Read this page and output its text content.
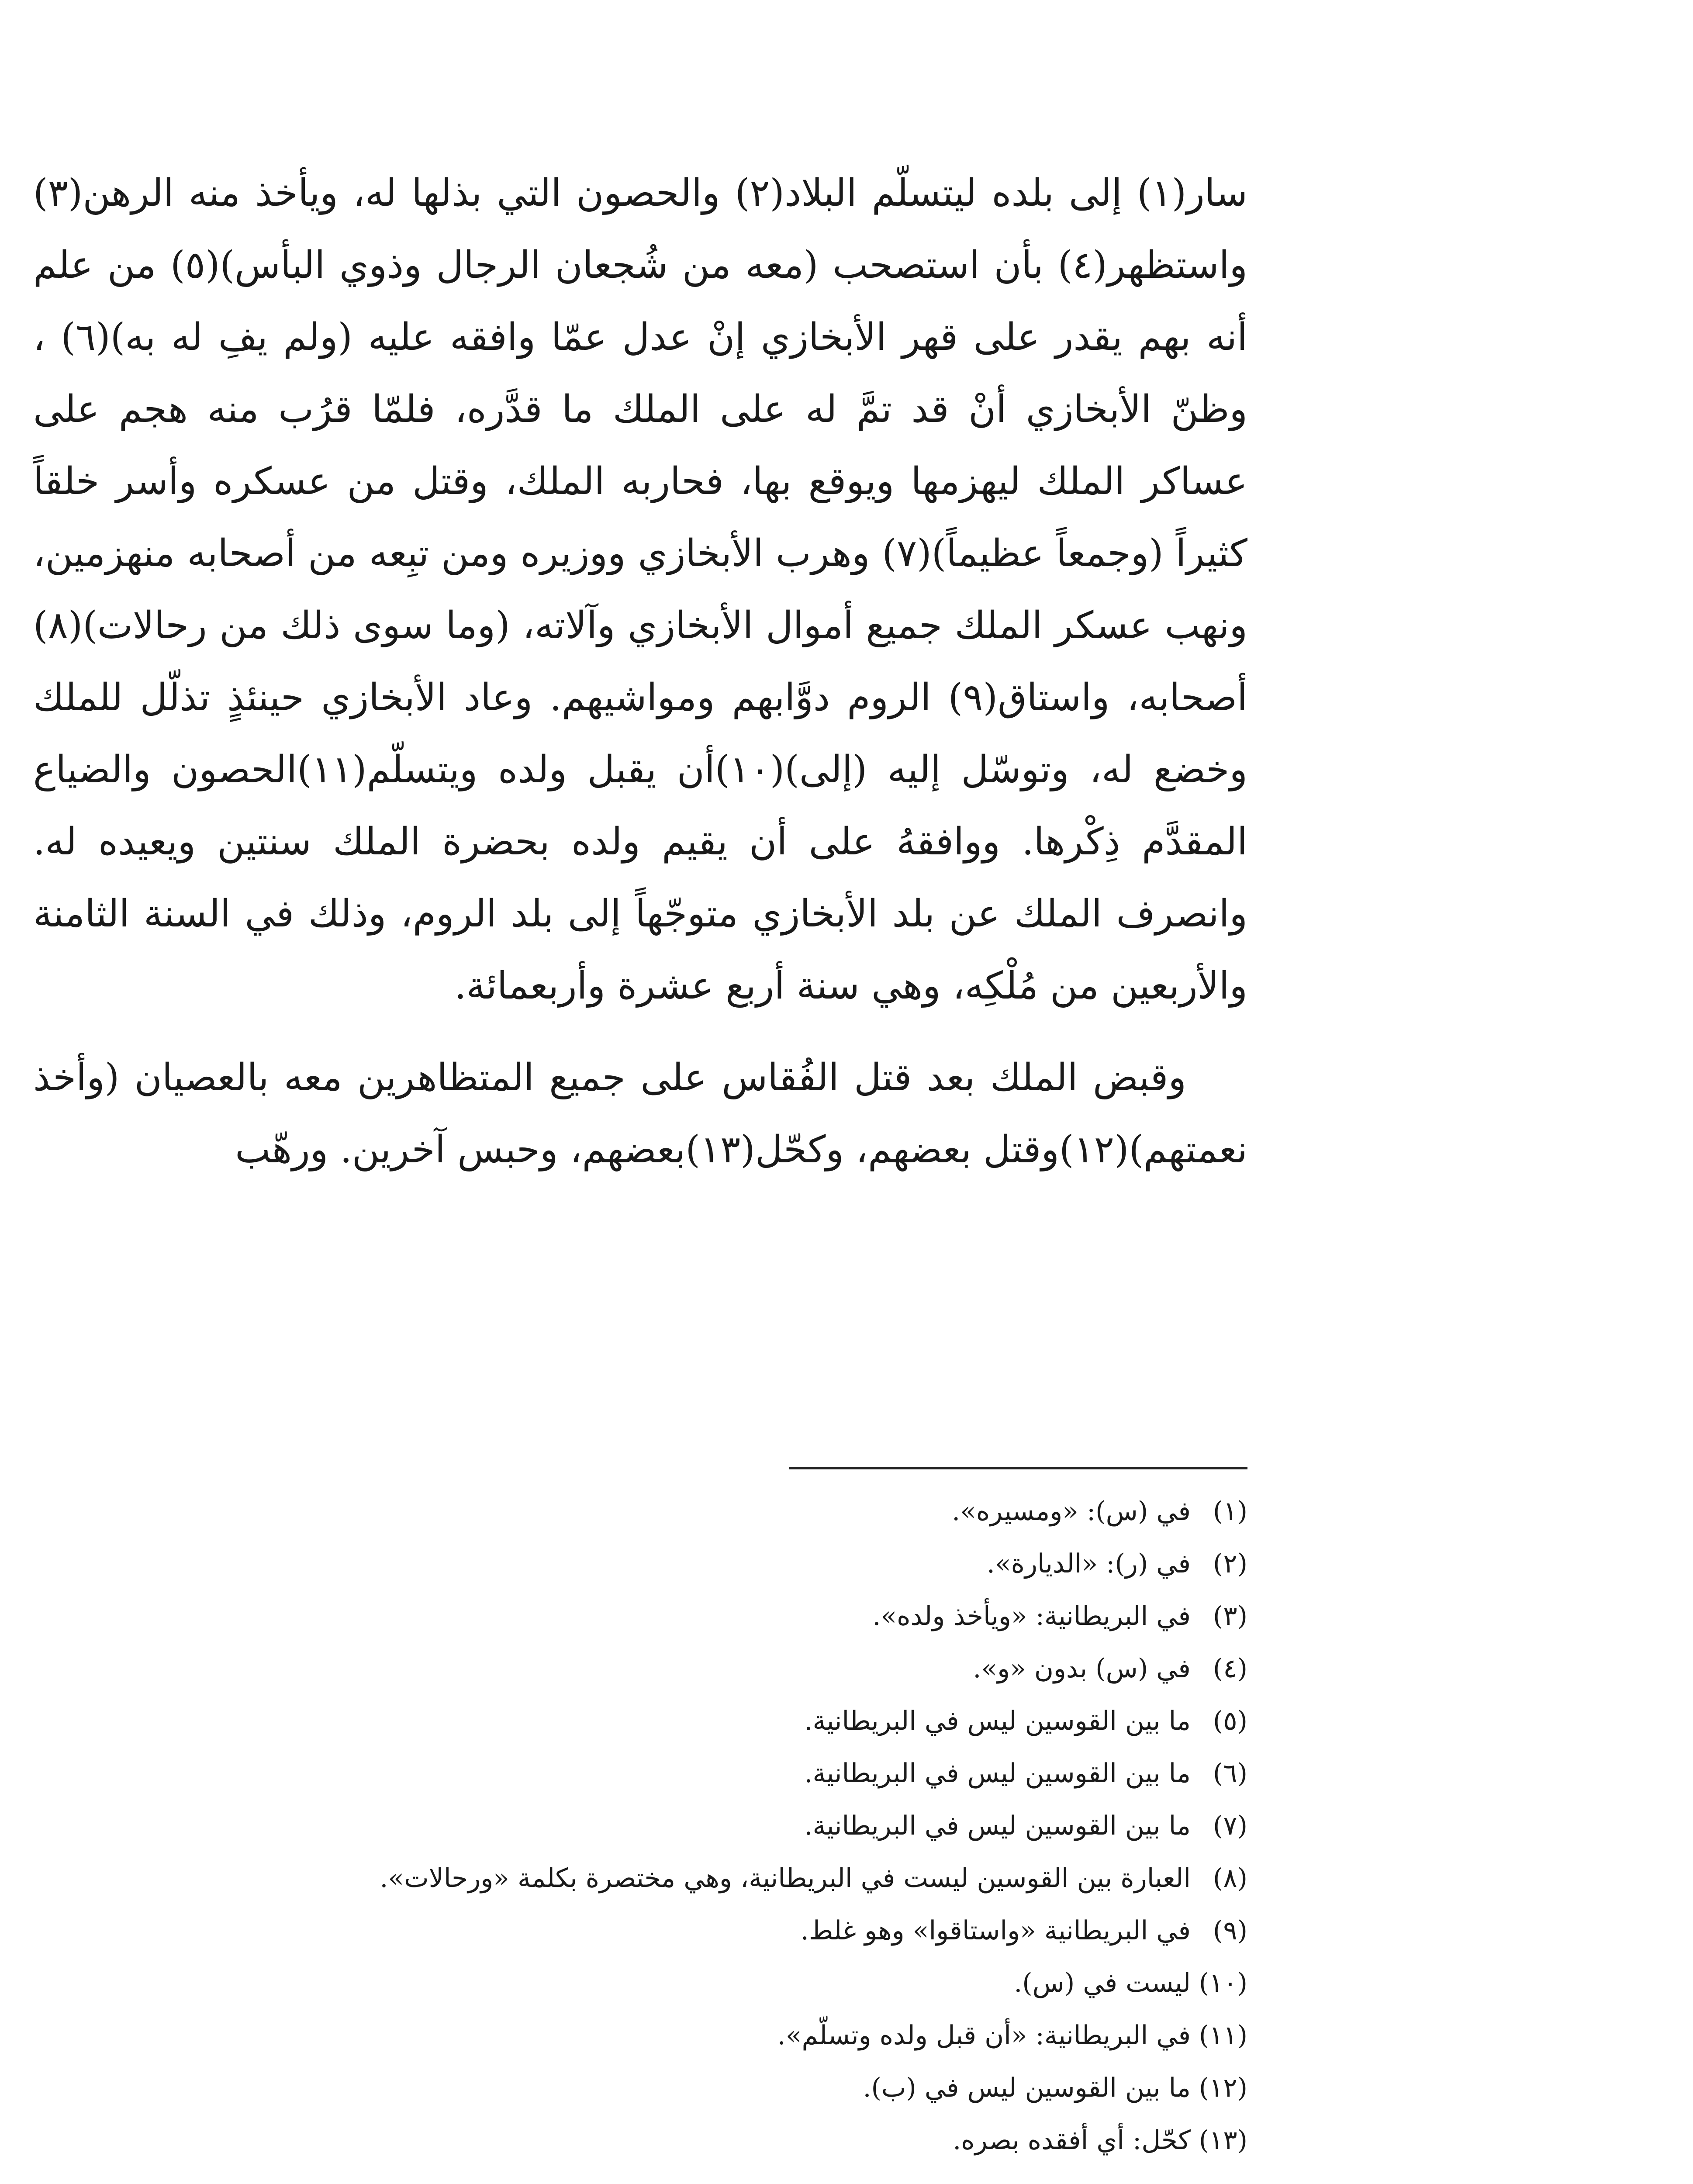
سار(١) إلى بلده ليتسلّم البلاد(٢) والحصون التي بذلها له، ويأخذ منه الرهن(٣) واستظهر(٤) بأن استصحب (معه من شُجعان الرجال وذوي البأس)(٥) من علم أنه بهم يقدر على قهر الأبخازي إنْ عدل عمّا وافقه عليه (ولم يفِ له به)(٦) ، وظنّ الأبخازي أنْ قد تمَّ له على الملك ما قدَّره، فلمّا قرُب منه هجم على عساكر الملك ليهزمها ويوقع بها، فحاربه الملك، وقتل من عسكره وأسر خلقاً كثيراً (وجمعاً عظيماً)(٧) وهرب الأبخازي ووزيره ومن تبِعه من أصحابه منهزمين، ونهب عسكر الملك جميع أموال الأبخازي وآلاته، (وما سوى ذلك من رحالات)(٨) أصحابه، واستاق(٩) الروم دوَّابهم ومواشيهم. وعاد الأبخازي حينئذٍ تذلّل للملك وخضع له، وتوسّل إليه (إلى)(١٠)أن يقبل ولده ويتسلّم(١١)الحصون والضياع المقدَّم ذِكْرها. ووافقهُ على أن يقيم ولده بحضرة الملك سنتين ويعيده له. وانصرف الملك عن بلد الأبخازي متوجّهاً إلى بلد الروم، وذلك في السنة الثامنة والأربعين من مُلْكِه، وهي سنة أربع عشرة وأربعمائة.

وقبض الملك بعد قتل الفُقاس على جميع المتظاهرين معه بالعصيان (وأخذ نعمتهم)(١٢)وقتل بعضهم، وكحّل(١٣)بعضهم، وحبس آخرين. ورهّب

(١)في (س): «ومسيره».
(٢)في (ر): «الديارة».
(٣)في البريطانية: «ويأخذ ولده».
(٤)في (س) بدون «و».
(٥)ما بين القوسين ليس في البريطانية.
(٦)ما بين القوسين ليس في البريطانية.
(٧)ما بين القوسين ليس في البريطانية.
(٨)العبارة بين القوسين ليست في البريطانية، وهي مختصرة بكلمة «ورحالات».
(٩)في البريطانية «واستاقوا» وهو غلط.
(١٠)ليست في (س).
(١١)في البريطانية: «أن قبل ولده وتسلّم».
(١٢)ما بين القوسين ليس في (ب).
(١٣)كحّل: أي أفقده بصره.
